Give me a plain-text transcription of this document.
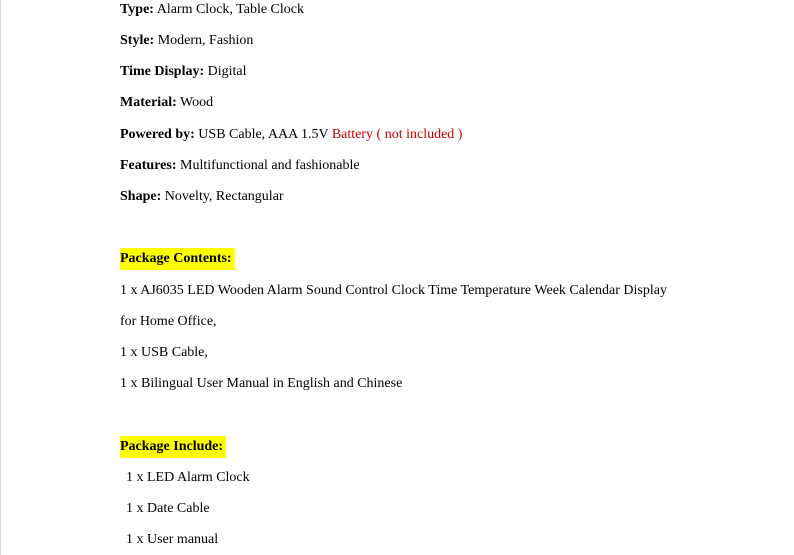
Type: Alarm Clock, Table Clock
Style: Modern, Fashion
Time Display: Digital
Material: Wood
Powered by: USB Cable, AAA 1.5V Battery ( not included )
Features: Multifunctional and fashionable
Shape: Novelty, Rectangular
Package Contents:
1 x AJ6035 LED Wooden Alarm Sound Control Clock Time Temperature Week Calendar Display
for Home Office,
1 x USB Cable,
1 x Bilingual User Manual in English and Chinese
Package Include:
1 x LED Alarm Clock
1 x Date Cable
1 x User manual
